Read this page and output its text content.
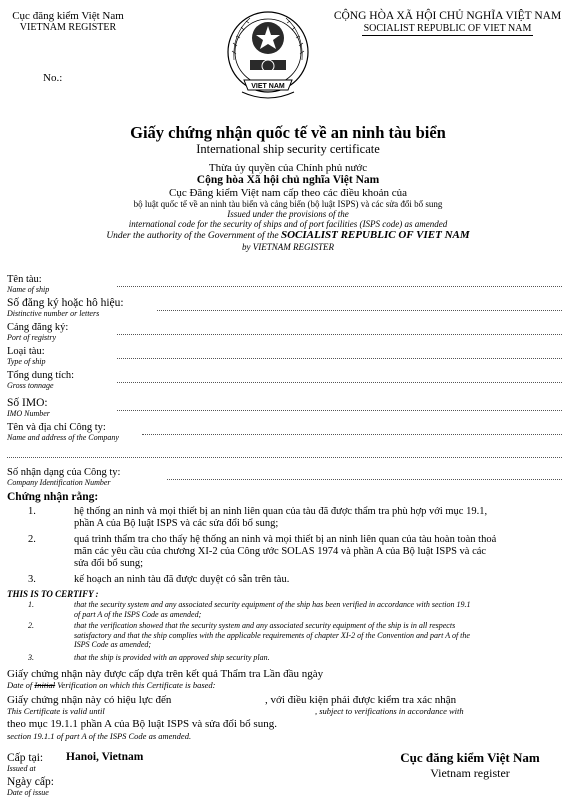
Cục đăng kiểm Việt Nam
VIETNAM REGISTER
CỘNG HÒA XÃ HỘI CHỦ NGHĨA VIỆT NAM
SOCIALIST REPUBLIC OF VIET NAM
No.:
VIET NAM
Giấy chứng nhận quốc tế về an ninh tàu biển
International ship security certificate
Thừa ủy quyền của Chính phủ nước
Cộng hòa Xã hội chủ nghĩa Việt Nam
Cục Đăng kiểm Việt nam cấp theo các điều khoản của
bộ luật quốc tế về an ninh tàu biển và cảng biển (bộ luật ISPS) và các sửa đổi bổ sung
Issued under the provisions of the
international code for the security of ships and of port facilities (ISPS code) as amended
Under the authority of the Government of the SOCIALIST REPUBLIC OF VIET NAM
by VIETNAM REGISTER
Tên tàu:
Name of ship
Số đăng ký hoặc hô hiệu:
Distinctive number or letters
Cảng đăng ký:
Port of registry
Loại tàu:
Type of ship
Tổng dung tích:
Gross tonnage
Số IMO:
IMO Number
Tên và địa chỉ Công ty:
Name and address of the Company
Số nhận dạng của Công ty:
Company Identification Number
Chứng nhận rằng:
1.	hệ thống an ninh và mọi thiết bị an ninh liên quan của tàu đã được thẩm tra phù hợp với mục 19.1,
phần A của Bộ luật ISPS và các sửa đổi bổ sung;
2.	quá trình thẩm tra cho thấy hệ thống an ninh và mọi thiết bị an ninh liên quan của tàu hoàn toàn thoả
mãn các yêu cầu của chương XI-2 của Công ước SOLAS 1974 và phần A của Bộ luật ISPS và các
sửa đổi bổ sung;
3.	kế hoạch an ninh tàu đã được duyệt có sẵn trên tàu.
THIS IS TO CERTIFY :
1.	that the security system and any associated security equipment of the ship has been verified in accordance with section 19.1
of part A of the ISPS Code as amended;
2.	that the verification showed that the security system and any associated security equipment of the ship is in all respects
satisfactory and that the ship complies with the applicable requirements of chapter XI-2 of the Convention and part A of the
ISPS Code as amended;
3.	that the ship is provided with an approved ship security plan.
Giấy chứng nhận này được cấp dựa trên kết quả Thẩm tra Lần đầu ngày
Date of Initial Verification on which this Certificate is based:
Giấy chứng nhận này có hiệu lực đến	, với điều kiện phải được kiểm tra xác nhận
This Certificate is valid until	, subject to verifications in accordance with
theo mục 19.1.1 phần A của Bộ luật ISPS và sửa đổi bổ sung.
section 19.1.1 of part A of the ISPS Code as amended.
Cấp tại:
Issued at
Hanoi, Vietnam
Ngày cấp:
Date of issue
Cục đăng kiểm Việt Nam
Vietnam register
